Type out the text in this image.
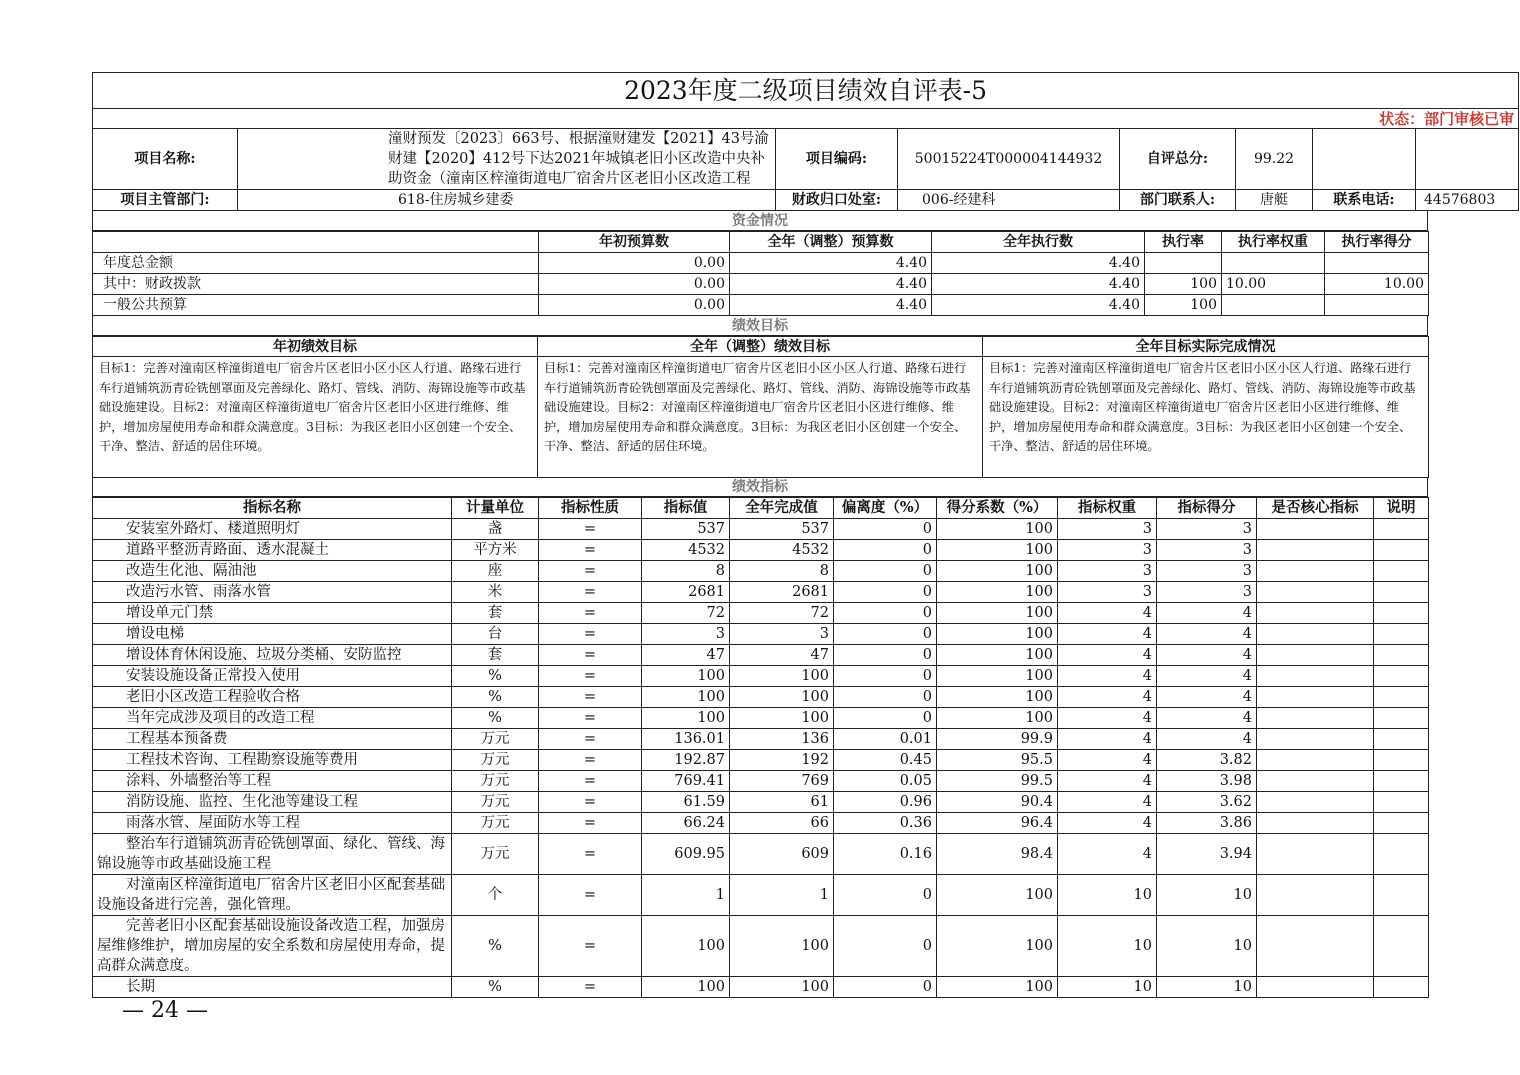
2023年度二级项目绩效自评表-5							
状态：部门审核已审							
项目名称:	潼财预发〔2023〕663号、根据潼财建发【2021】43号渝财建【2020】412号下达2021年城镇老旧小区改造中央补助资金（潼南区梓潼街道电厂宿舍片区老旧小区改造工程	项目编码:	50015224T000004144932	自评总分:	99.22		
项目主管部门:	618-住房城乡建委	财政归口处室:	006-经建科	部门联系人:	唐艇	联系电话:	44576803
资金情况
	年初预算数	全年（调整）预算数	全年执行数	执行率	执行率权重	执行率得分
年度总金额	0.00	4.40	4.40			
其中：财政拨款	0.00	4.40	4.40	100	10.00	10.00
一般公共预算	0.00	4.40	4.40	100		
绩效目标
年初绩效目标	全年（调整）绩效目标	全年目标实际完成情况
目标1：完善对潼南区梓潼街道电厂宿舍片区老旧小区小区人行道、路缘石进行车行道铺筑沥青砼铣刨罩面及完善绿化、路灯、管线、消防、海锦设施等市政基础设施建设。目标2：对潼南区梓潼街道电厂宿舍片区老旧小区进行维修、维护，增加房屋使用寿命和群众满意度。3目标：为我区老旧小区创建一个安全、干净、整洁、舒适的居住环境。	目标1：完善对潼南区梓潼街道电厂宿舍片区老旧小区小区人行道、路缘石进行车行道铺筑沥青砼铣刨罩面及完善绿化、路灯、管线、消防、海锦设施等市政基础设施建设。目标2：对潼南区梓潼街道电厂宿舍片区老旧小区进行维修、维护，增加房屋使用寿命和群众满意度。3目标：为我区老旧小区创建一个安全、干净、整洁、舒适的居住环境。	目标1：完善对潼南区梓潼街道电厂宿舍片区老旧小区小区人行道、路缘石进行车行道铺筑沥青砼铣刨罩面及完善绿化、路灯、管线、消防、海锦设施等市政基础设施建设。目标2：对潼南区梓潼街道电厂宿舍片区老旧小区进行维修、维护，增加房屋使用寿命和群众满意度。3目标：为我区老旧小区创建一个安全、干净、整洁、舒适的居住环境。
绩效指标
指标名称	计量单位	指标性质	指标值	全年完成值	偏离度（%）	得分系数（%）	指标权重	指标得分	是否核心指标	说明
安装室外路灯、楼道照明灯	盏	=	537	537	0	100	3	3		
道路平整沥青路面、透水混凝土	平方米	=	4532	4532	0	100	3	3		
改造生化池、隔油池	座	=	8	8	0	100	3	3		
改造污水管、雨落水管	米	=	2681	2681	0	100	3	3		
增设单元门禁	套	=	72	72	0	100	4	4		
增设电梯	台	=	3	3	0	100	4	4		
增设体育休闲设施、垃圾分类桶、安防监控	套	=	47	47	0	100	4	4		
安装设施设备正常投入使用	%	=	100	100	0	100	4	4		
老旧小区改造工程验收合格	%	=	100	100	0	100	4	4		
当年完成涉及项目的改造工程	%	=	100	100	0	100	4	4		
工程基本预备费	万元	=	136.01	136	0.01	99.9	4	4		
工程技术咨询、工程勘察设施等费用	万元	=	192.87	192	0.45	95.5	4	3.82		
涂料、外墙整治等工程	万元	=	769.41	769	0.05	99.5	4	3.98		
消防设施、监控、生化池等建设工程	万元	=	61.59	61	0.96	90.4	4	3.62		
雨落水管、屋面防水等工程	万元	=	66.24	66	0.36	96.4	4	3.86		
整治车行道铺筑沥青砼铣刨罩面、绿化、管线、海锦设施等市政基础设施工程	万元	=	609.95	609	0.16	98.4	4	3.94		
对潼南区梓潼街道电厂宿舍片区老旧小区配套基础设施设备进行完善，强化管理。	个	=	1	1	0	100	10	10		
完善老旧小区配套基础设施设备改造工程，加强房屋维修维护，增加房屋的安全系数和房屋使用寿命，提高群众满意度。	%	=	100	100	0	100	10	10		
长期	%	=	100	100	0	100	10	10		
— 24 —
